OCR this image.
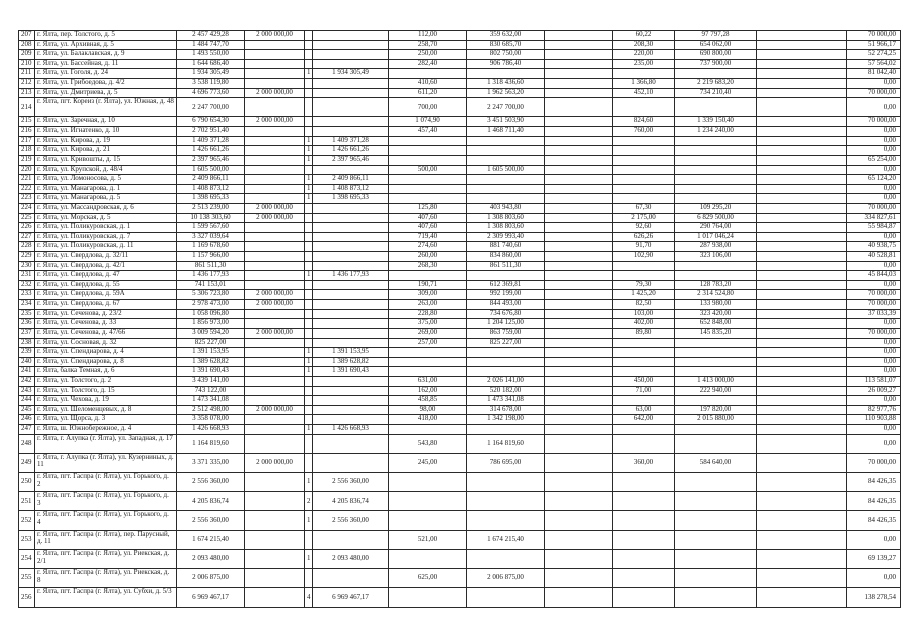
207	г. Ялта, пер. Толстого, д. 5	2 457 429,28	2 000 000,00			112,00	359 632,00		60,22	97 797,28		70 000,00
208	г. Ялта, ул. Архивная, д. 5	1 484 747,70				258,70	830 685,70		208,30	654 062,00		51 966,17
209	г. Ялта, ул. Балаклавская, д. 9	1 493 550,00				250,00	802 750,00		220,00	690 800,00		52 274,25
210	г. Ялта, ул. Бассейная, д. 11	1 644 686,40				282,40	906 786,40		235,00	737 900,00		57 564,02
211	г. Ялта, ул. Гоголя, д. 24	1 934 305,49		1	1 934 305,49							81 042,40
212	г. Ялта, ул. Грибоедова, д. 4/2	3 538 119,80				410,60	1 318 436,60		1 366,80	2 219 683,20		0,00
213	г. Ялта, ул. Дмитриева, д. 5	4 696 773,60	2 000 000,00			611,20	1 962 563,20		452,10	734 210,40		70 000,00
214	г. Ялта, пгт. Кореиз (г. Ялта), ул. Южная, д. 48	2 247 700,00				700,00	2 247 700,00					0,00
215	г. Ялта, ул. Заречная, д. 10	6 790 654,30	2 000 000,00			1 074,90	3 451 503,90		824,60	1 339 150,40		70 000,00
216	г. Ялта, ул. Игнатенко, д. 10	2 702 951,40				457,40	1 468 711,40		760,00	1 234 240,00		0,00
217	г. Ялта, ул. Кирова, д. 19	1 409 371,28		1	1 409 371,28							0,00
218	г. Ялта, ул. Кирова, д. 21	1 426 661,26		1	1 426 661,26							0,00
219	г. Ялта, ул. Кривошты, д. 15	2 397 965,46		1	2 397 965,46							65 254,00
220	г. Ялта, ул. Крупской, д. 48/4	1 605 500,00				500,00	1 605 500,00					0,00
221	г. Ялта, ул. Ломоносова, д. 5	2 409 866,11		1	2 409 866,11							65 124,20
222	г. Ялта, ул. Манагарова, д. 1	1 408 873,12		1	1 408 873,12							0,00
223	г. Ялта, ул. Манагарова, д. 5	1 398 695,33		1	1 398 695,33							0,00
224	г. Ялта, ул. Массандровская, д. 6	2 513 239,00	2 000 000,00			125,80	403 943,80		67,30	109 295,20		70 000,00
225	г. Ялта, ул. Морская, д. 5	10 138 303,60	2 000 000,00			407,60	1 308 803,60		2 175,00	6 829 500,00		334 827,61
226	г. Ялта, ул. Поликуровская, д. 1	1 599 567,60				407,60	1 308 803,60		92,60	290 764,00		55 984,87
227	г. Ялта, ул. Поликуровская, д. 7	3 327 039,64				719,40	2 309 993,40		626,26	1 017 046,24		0,00
228	г. Ялта, ул. Поликуровская, д. 11	1 169 678,60				274,60	881 740,60		91,70	287 938,00		40 938,75
229	г. Ялта, ул. Свердлова, д. 32/11	1 157 966,00				260,00	834 860,00		102,90	323 106,00		40 528,81
230	г. Ялта, ул. Свердлова, д. 42/1	861 511,30				268,30	861 511,30					0,00
231	г. Ялта, ул. Свердлова, д. 47	1 436 177,93		1	1 436 177,93							45 844,03
232	г. Ялта, ул. Свердлова, д. 55	741 153,01				190,71	612 369,81		79,30	128 783,20		0,00
233	г. Ялта, ул. Свердлова, д. 59А	5 306 723,80	2 000 000,00			309,00	992 199,00		1 425,20	2 314 524,80		70 000,00
234	г. Ялта, ул. Свердлова, д. 67	2 978 473,00	2 000 000,00			263,00	844 493,00		82,50	133 980,00		70 000,00
235	г. Ялта, ул. Сеченова, д. 23/2	1 058 096,80				228,80	734 676,80		103,00	323 420,00		37 033,39
236	г. Ялта, ул. Сеченова, д. 33	1 856 973,00				375,00	1 204 125,00		402,00	652 848,00		0,00
237	г. Ялта, ул. Сеченова, д. 47/66	3 009 594,20	2 000 000,00			269,00	863 759,00		89,80	145 835,20		70 000,00
238	г. Ялта, ул. Сосновая, д. 32	825 227,00				257,00	825 227,00					0,00
239	г. Ялта, ул. Спендиарова, д. 4	1 391 153,95		1	1 391 153,95							0,00
240	г. Ялта, ул. Спендиарова, д. 8	1 389 628,82		1	1 389 628,82							0,00
241	г. Ялта, балка Темная, д. 6	1 391 690,43		1	1 391 690,43							0,00
242	г. Ялта, ул. Толстого, д. 2	3 439 141,00				631,00	2 026 141,00		450,00	1 413 000,00		113 581,07
243	г. Ялта, ул. Толстого, д. 15	743 122,00				162,00	520 182,00		71,00	222 940,00		26 009,27
244	г. Ялта, ул. Чехова, д. 19	1 473 341,08				458,85	1 473 341,08					0,00
245	г. Ялта, ул. Шеломенцевых, д. 8	2 512 498,00	2 000 000,00			98,00	314 678,00		63,00	197 820,00		82 977,76
246	г. Ялта, ул. Щорса, д. 3	3 358 078,00				418,00	1 342 198,00		642,00	2 015 880,00		110 903,88
247	г. Ялта, ш. Южнобережное, д. 4	1 426 668,93		1	1 426 668,93							0,00
248	г. Ялта, г. Алупка (г. Ялта), ул. Западная, д. 17	1 164 819,60				543,80	1 164 819,60					0,00
249	г. Ялта, г. Алупка (г. Ялта), ул. Кузерниных, д. 11	3 371 335,00	2 000 000,00			245,00	786 695,00		360,00	584 640,00		70 000,00
250	г. Ялта, пгт. Гаспра (г. Ялта), ул. Горького, д. 2	2 556 360,00		1	2 556 360,00							84 426,35
251	г. Ялта, пгт. Гаспра (г. Ялта), ул. Горького, д. 3	4 205 836,74		2	4 205 836,74							84 426,35
252	г. Ялта, пгт. Гаспра (г. Ялта), ул. Горького, д. 4	2 556 360,00		1	2 556 360,00							84 426,35
253	г. Ялта, пгт. Гаспра (г. Ялта), пер. Парусный, д. 11	1 674 215,40				521,00	1 674 215,40					0,00
254	г. Ялта, пгт. Гаспра (г. Ялта), ул. Риекская, д. 2/1	2 093 480,00		1	2 093 480,00							69 139,27
255	г. Ялта, пгт. Гаспра (г. Ялта), ул. Риекская, д. 8	2 006 875,00				625,00	2 006 875,00					0,00
256	г. Ялта, пгт. Гаспра (г. Ялта), ул. Субхи, д. 5/3	6 969 467,17		4	6 969 467,17							138 278,54
